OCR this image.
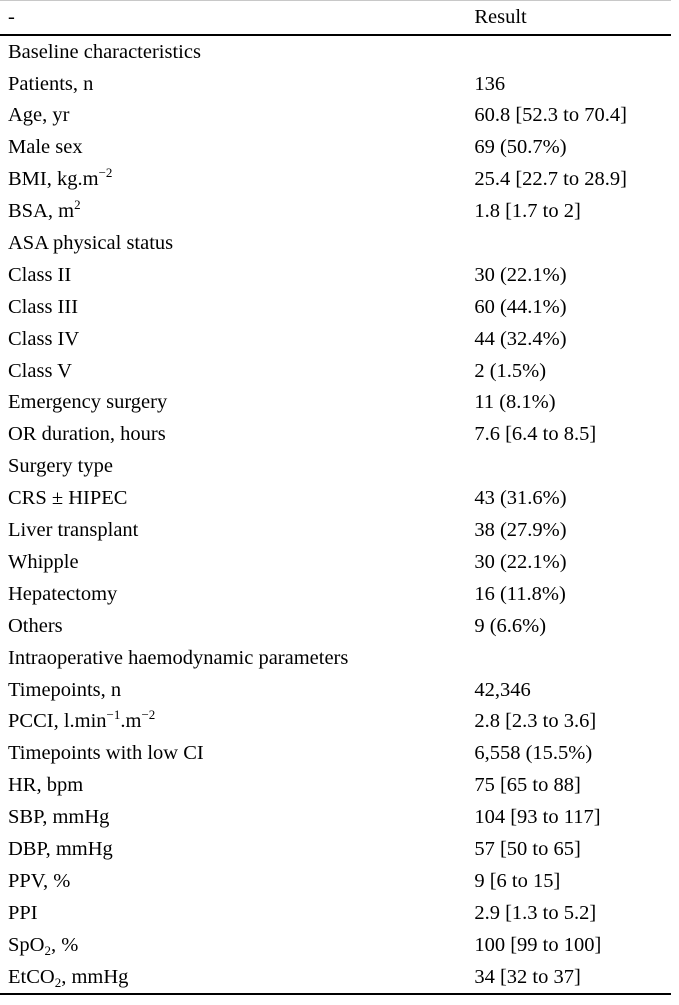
-	Result
Baseline characteristics	
Patients, n	136
Age, yr	60.8 [52.3 to 70.4]
Male sex	69 (50.7%)
BMI, $kg.m^{-2}$	25.4 [22.7 to 28.9]
BSA, $m^2$	1.8 [1.7 to 2]
ASA physical status	
Class II	30 (22.1%)
Class III	60 (44.1%)
Class IV	44 (32.4%)
Class V	2 (1.5%)
Emergency surgery	11 (8.1%)
OR duration, hours	7.6 [6.4 to 8.5]
Surgery type	
CRS ± HIPEC	43 (31.6%)
Liver transplant	38 (27.9%)
Whipple	30 (22.1%)
Hepatectomy	16 (11.8%)
Others	9 (6.6%)
Intraoperative haemodynamic parameters	
Timepoints, n	42,346
PCCI, $l.\min^{-1}.m^{-2}$	2.8 [2.3 to 3.6]
Timepoints with low CI	6,558 (15.5%)
HR, bpm	75 [65 to 88]
SBP, mmHg	104 [93 to 117]
DBP, mmHg	57 [50 to 65]
PPV, %	9 [6 to 15]
PPI	2.9 [1.3 to 5.2]
SpO$_2$, %	100 [99 to 100]
EtCO$_2$, mmHg	34 [32 to 37]
